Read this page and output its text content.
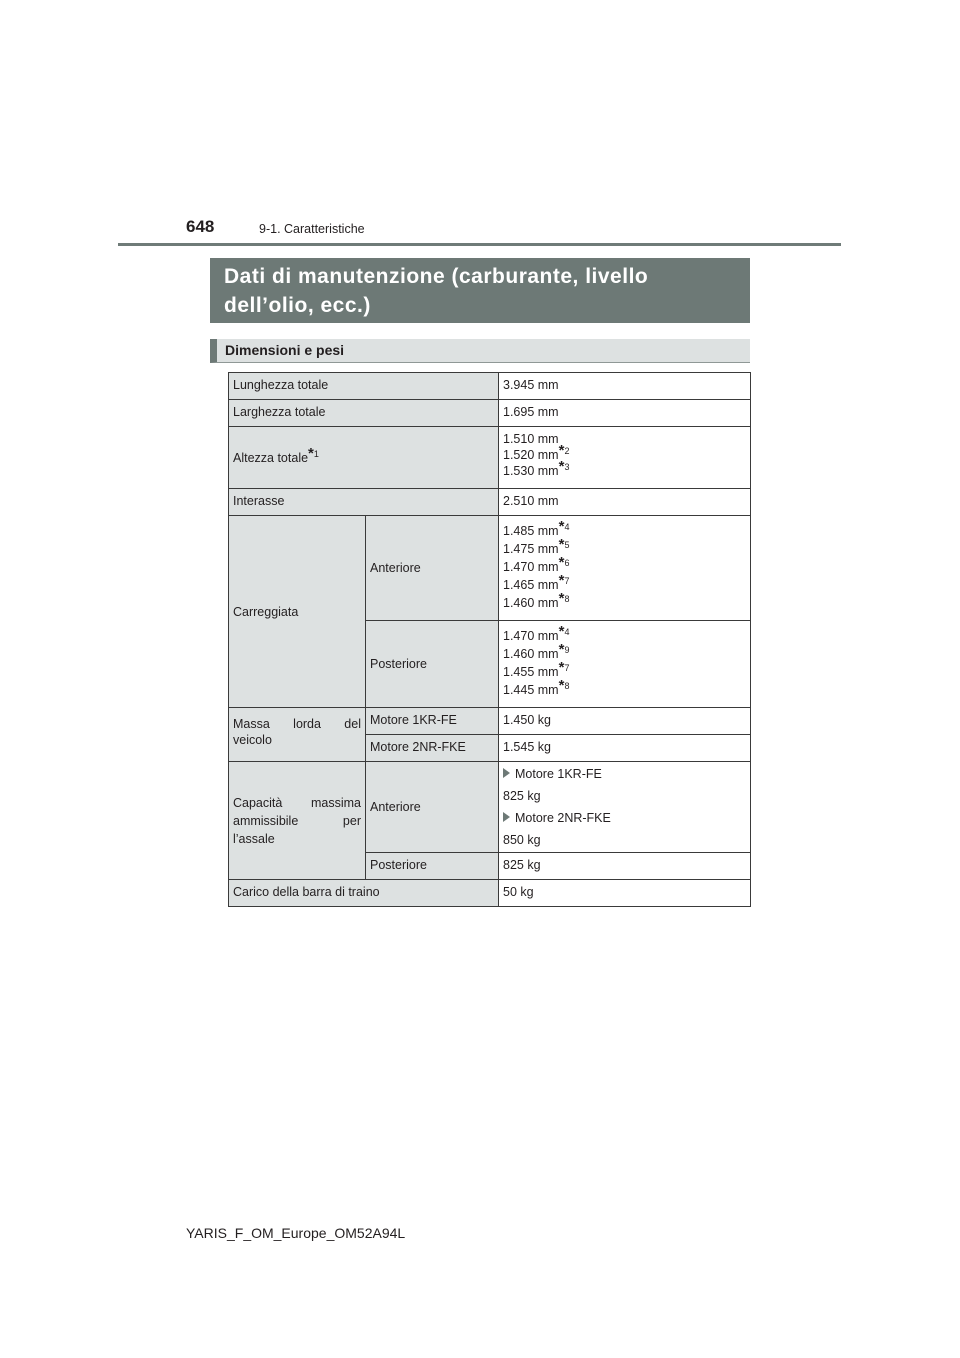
648	9-1. Caratteristiche
Dati di manutenzione (carburante, livello
dell’olio, ecc.)
Dimensioni e pesi
Lunghezza totale		3.945 mm
Larghezza totale		1.695 mm
Altezza totale*$^1$		1.510 mm
1.520 mm*$^2$
1.530 mm*$^3$

Interasse		2.510 mm
Carreggiata	Anteriore	1.485 mm*$^4$
1.475 mm*$^5$
1.470 mm*$^6$
1.465 mm*$^7$
1.460 mm*$^8$

	Posteriore	1.470 mm*$^4$
1.460 mm*$^9$
1.455 mm*$^7$
1.445 mm*$^8$

Massa lorda del veicolo	Motore 1KR-FE	1.450 kg
	Motore 2NR-FKE	1.545 kg
Capacità massima ammissibile per l’assale	Anteriore	Motore 1KR-FE
825 kg
Motore 2NR-FKE
850 kg

	Posteriore	825 kg
Carico della barra di traino		50 kg
YARIS_F_OM_Europe_OM52A94L
